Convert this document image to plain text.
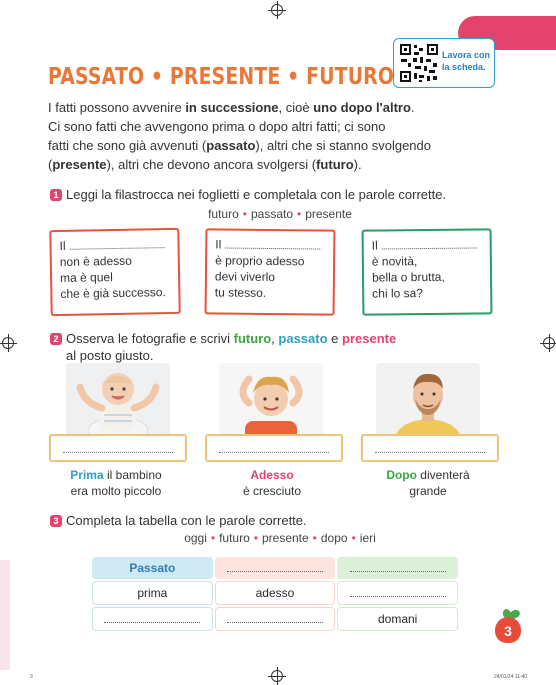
Lavora con la scheda.
PASSATO • PRESENTE • FUTURO
I fatti possono avvenire in successione, cioè uno dopo l'altro.
Ci sono fatti che avvengono prima o dopo altri fatti; ci sono
fatti che sono già avvenuti (passato), altri che si stanno svolgendo
(presente), altri che devono ancora svolgersi (futuro).
1 Leggi la filastrocca nei foglietti e completala con le parole corrette.
futuro • passato • presente
Il
non è adesso
ma è quel
che è già successo.
Il
è proprio adesso
devi viverlo
tu stesso.
Il
è novità,
bella o brutta,
chi lo sa?
2 Osserva le fotografie e scrivi futuro, passato e presente
al posto giusto.
Prima il bambino
era molto piccolo
Adesso
è cresciuto
Dopo diventerà
grande
3 Completa la tabella con le parole corrette.
oggi • futuro • presente • dopo • ieri
Passato		
prima	adesso	
		domani
3
3	24/01/24 11:40
